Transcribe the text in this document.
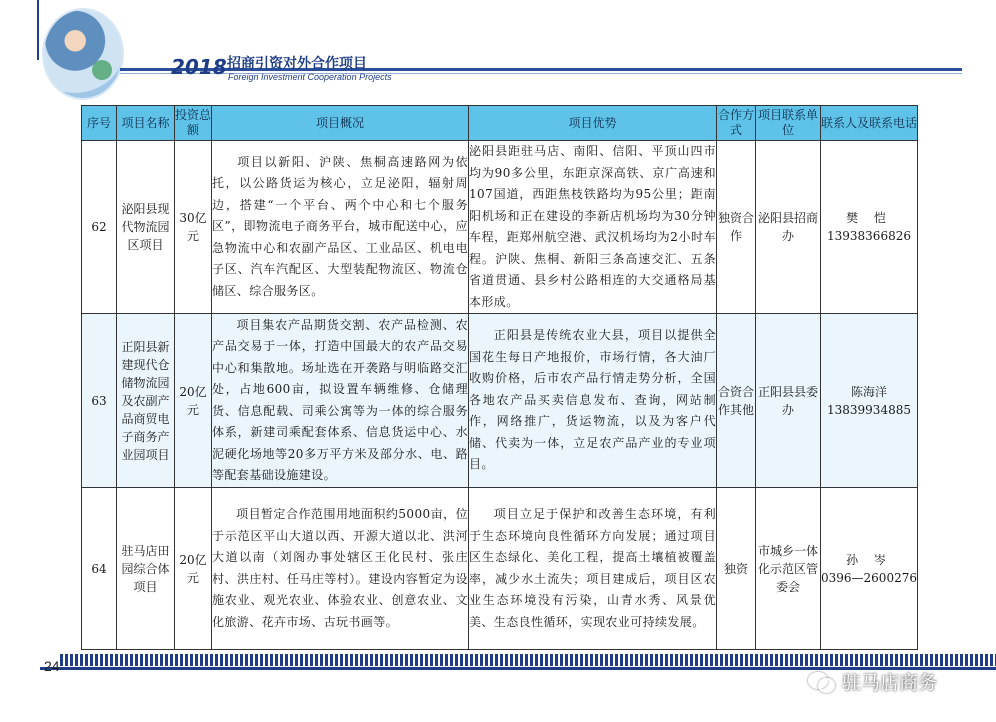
2018 招商引资对外合作项目
Foreign Investment Cooperation Projects
序号	项目名称	投资总额	项目概况	项目优势	合作方式	项目联系单位	联系人及联系电话
62	泌阳县现代物流园区项目	30亿元	项目以新阳、沪陕、焦桐高速路网为依托，以公路货运为核心，立足泌阳，辐射周边，搭建“一个平台、两个中心和七个服务区”，即物流电子商务平台，城市配送中心，应急物流中心和农副产品区、工业品区、机电电子区、汽车汽配区、大型装配物流区、物流仓储区、综合服务区。	泌阳县距驻马店、南阳、信阳、平顶山四市均为90多公里，东距京深高铁、京广高速和107国道，西距焦枝铁路均为95公里；距南阳机场和正在建设的李新店机场均为30分钟车程，距郑州航空港、武汉机场均为2小时车程。沪陕、焦桐、新阳三条高速交汇、五条省道贯通、县乡村公路相连的大交通格局基本形成。	独资合作	泌阳县招商办	樊 恺
13938366826

63	正阳县新建现代仓储物流园及农副产品商贸电子商务产业园项目	20亿元	项目集农产品期货交割、农产品检测、农产品交易于一体，打造中国最大的农产品交易中心和集散地。场址选在开袭路与明临路交汇处，占地600亩，拟设置车辆维修、仓储理货、信息配载、司乘公寓等为一体的综合服务体系，新建司乘配套体系、信息货运中心、水泥硬化场地等20多万平方米及部分水、电、路等配套基础设施建设。	正阳县是传统农业大县，项目以提供全国花生每日产地报价，市场行情，各大油厂收购价格，后市农产品行情走势分析，全国各地农产品买卖信息发布、查询，网站制作，网络推广，货运物流，以及为客户代储、代卖为一体，立足农产品产业的专业项目。	合资合作其他	正阳县县委办	陈海洋
13839934885

64	驻马店田园综合体项目	20亿元	项目暂定合作范围用地面积约5000亩，位于示范区平山大道以西、开源大道以北、洪河大道以南（刘阁办事处辖区王化民村、张庄村、洪庄村、任马庄等村）。建设内容暂定为设施农业、观光农业、体验农业、创意农业、文化旅游、花卉市场、古玩书画等。	项目立足于保护和改善生态环境，有利于生态环境向良性循环方向发展；通过项目区生态绿化、美化工程，提高土壤植被覆盖率，减少水土流失；项目建成后，项目区农业生态环境没有污染，山青水秀、风景优美、生态良性循环，实现农业可持续发展。	独资	市城乡一体化示范区管委会	孙 岑
0396—2600276
24
驻马店商务
